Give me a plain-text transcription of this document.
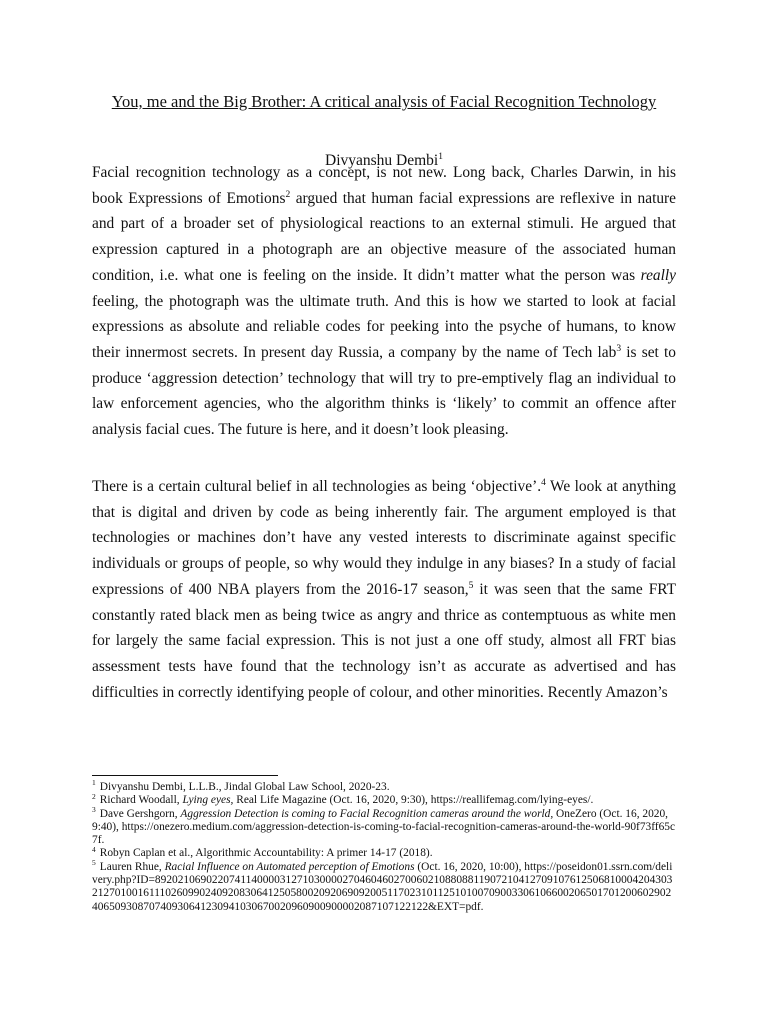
You, me and the Big Brother: A critical analysis of Facial Recognition Technology
Divyanshu Dembi$^1$

Facial recognition technology as a concept, is not new. Long back, Charles Darwin, in his book Expressions of Emotions$^2$ argued that human facial expressions are reflexive in nature and part of a broader set of physiological reactions to an external stimuli. He argued that expression captured in a photograph are an objective measure of the associated human condition, i.e. what one is feeling on the inside. It didn’t matter what the person was really feeling, the photograph was the ultimate truth. And this is how we started to look at facial expressions as absolute and reliable codes for peeking into the psyche of humans, to know their innermost secrets. In present day Russia, a company by the name of Tech lab$^3$ is set to produce ‘aggression detection’ technology that will try to pre-emptively flag an individual to law enforcement agencies, who the algorithm thinks is ‘likely’ to commit an offence after analysis facial cues. The future is here, and it doesn’t look pleasing.

There is a certain cultural belief in all technologies as being ‘objective’.$^4$ We look at anything that is digital and driven by code as being inherently fair. The argument employed is that technologies or machines don’t have any vested interests to discriminate against specific individuals or groups of people, so why would they indulge in any biases? In a study of facial expressions of 400 NBA players from the 2016-17 season,$^5$ it was seen that the same FRT constantly rated black men as being twice as angry and thrice as contemptuous as white men for largely the same facial expression. This is not just a one off study, almost all FRT bias assessment tests have found that the technology isn’t as accurate as advertised and has difficulties in correctly identifying people of colour, and other minorities. Recently Amazon’s

$^1$ Divyanshu Dembi, L.L.B., Jindal Global Law School, 2020-23.

$^2$ Richard Woodall, Lying eyes, Real Life Magazine (Oct. 16, 2020, 9:30), https://reallifemag.com/lying-eyes/.

$^3$ Dave Gershgorn, Aggression Detection is coming to Facial Recognition cameras around the world, OneZero (Oct. 16, 2020, 9:40), https://onezero.medium.com/aggression-detection-is-coming-to-facial-recognition-cameras-around-the-world-90f73ff65c7f.

$^4$ Robyn Caplan et al., Algorithmic Accountability: A primer 14-17 (2018).

$^5$ Lauren Rhue, Racial Influence on Automated perception of Emotions (Oct. 16, 2020, 10:00), https://poseidon01.ssrn.com/delivery.php?ID=892021069022074114000031271030000270460460270060210880881190721041270910761250681000420430321270100161110260990240920830641250580020920690920051170231011251010070900330610660020650170120060290240650930870740930641230941030670020960900900002087107122122&EXT=pdf.
